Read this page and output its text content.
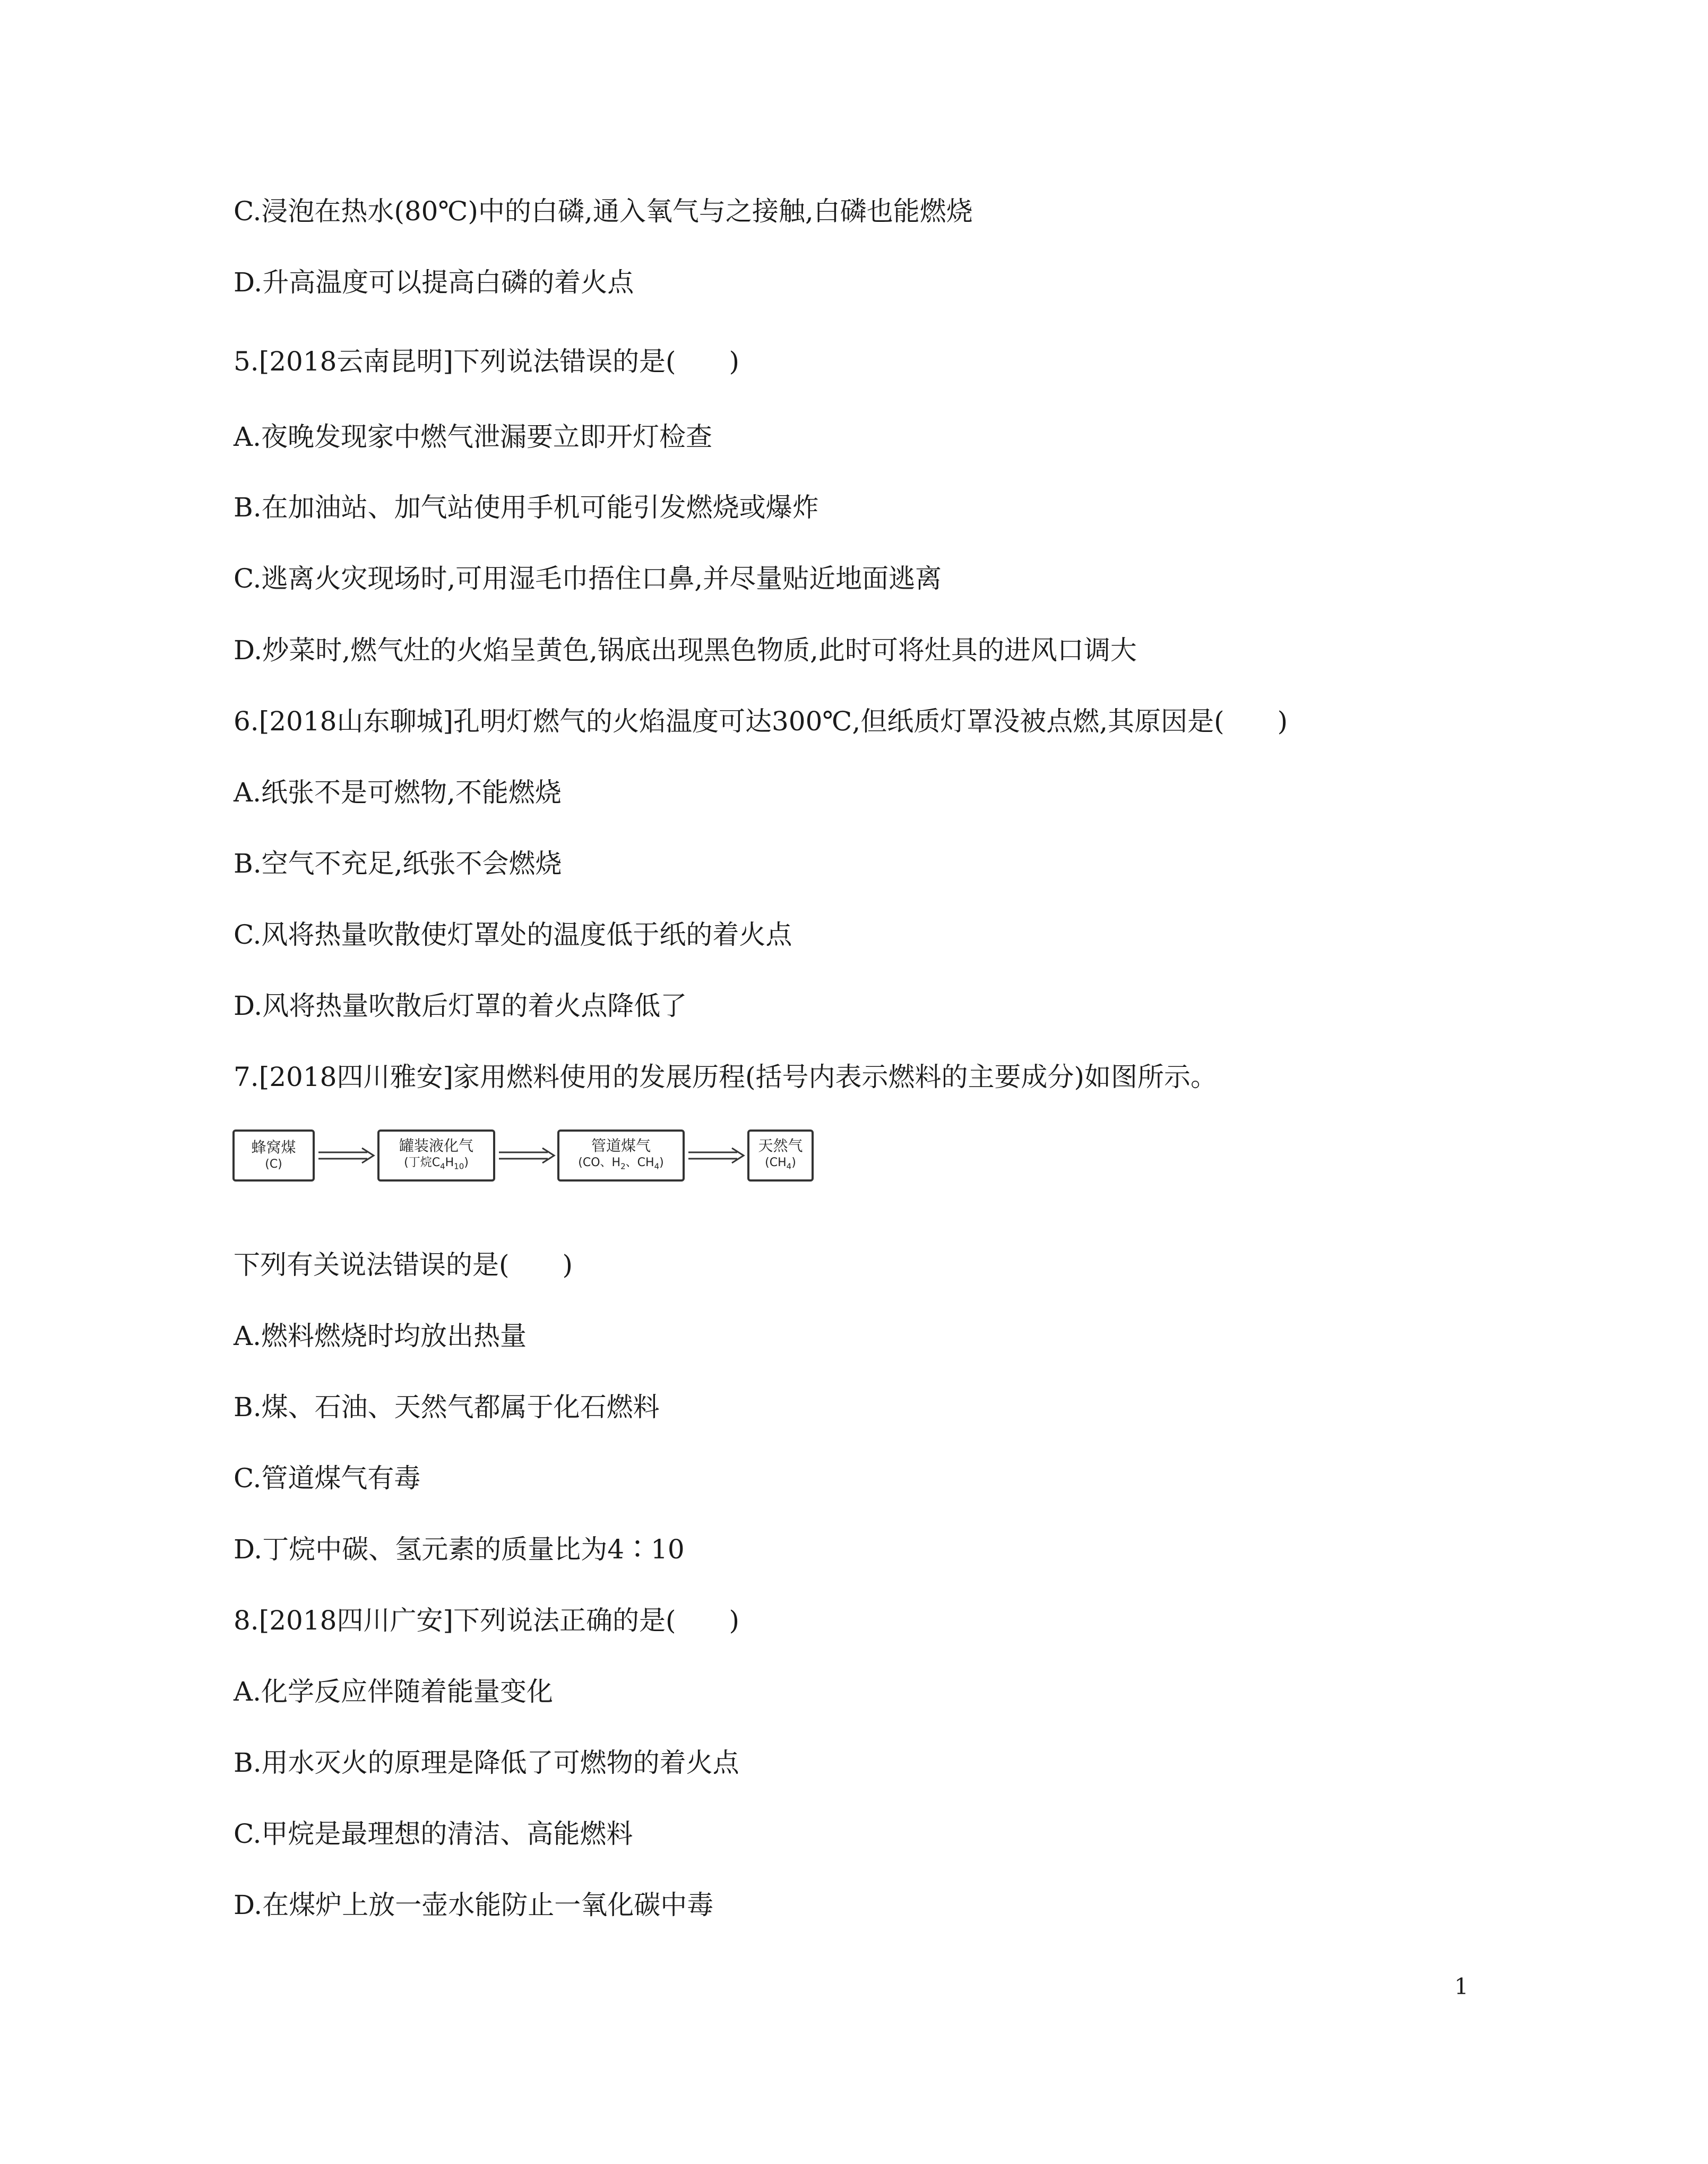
C.浸泡在热水(80℃)中的白磷,通入氧气与之接触,白磷也能燃烧

D.升高温度可以提高白磷的着火点

5.[2018云南昆明]下列说法错误的是(　　)

A.夜晚发现家中燃气泄漏要立即开灯检查

B.在加油站、加气站使用手机可能引发燃烧或爆炸

C.逃离火灾现场时,可用湿毛巾捂住口鼻,并尽量贴近地面逃离

D.炒菜时,燃气灶的火焰呈黄色,锅底出现黑色物质,此时可将灶具的进风口调大

6.[2018山东聊城]孔明灯燃气的火焰温度可达300℃,但纸质灯罩没被点燃,其原因是(　　)

A.纸张不是可燃物,不能燃烧

B.空气不充足,纸张不会燃烧

C.风将热量吹散使灯罩处的温度低于纸的着火点

D.风将热量吹散后灯罩的着火点降低了

7.[2018四川雅安]家用燃料使用的发展历程(括号内表示燃料的主要成分)如图所示。

蜂窝煤
(C)
罐装液化气
(丁烷$C_4H_{10}$)
管道煤气
(CO、$H_2$、$CH_4$)
天然气
$(CH_4)$

下列有关说法错误的是(　　)

A.燃料燃烧时均放出热量

B.煤、石油、天然气都属于化石燃料

C.管道煤气有毒

D.丁烷中碳、氢元素的质量比为4∶10

8.[2018四川广安]下列说法正确的是(　　)

A.化学反应伴随着能量变化

B.用水灭火的原理是降低了可燃物的着火点

C.甲烷是最理想的清洁、高能燃料

D.在煤炉上放一壶水能防止一氧化碳中毒

1
